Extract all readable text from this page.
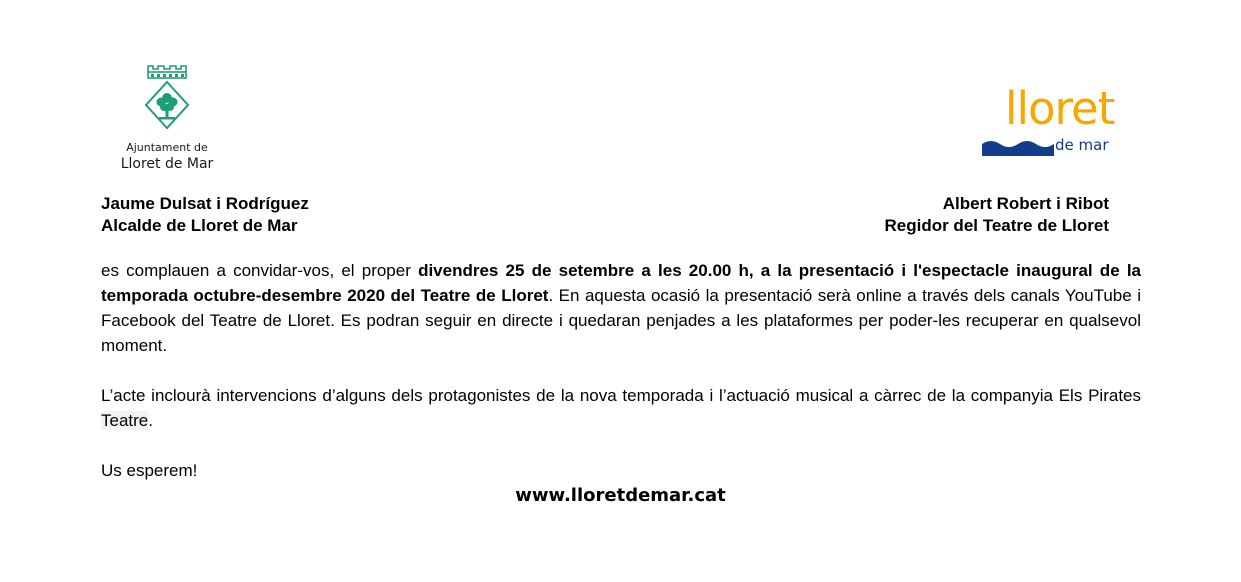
Ajuntament de
Lloret de Mar
lloret
de mar
Jaume Dulsat i Rodríguez
Alcalde de Lloret de Mar
Albert Robert i Ribot
Regidor del Teatre de Lloret

es complauen a convidar-vos, el proper divendres 25 de setembre a les 20.00 h, a la presentació i l'espectacle inaugural de la temporada octubre-desembre 2020 del Teatre de Lloret. En aquesta ocasió la presentació serà online a través dels canals YouTube i Facebook del Teatre de Lloret. Es podran seguir en directe i quedaran penjades a les plataformes per poder-les recuperar en qualsevol moment.

L’acte inclourà intervencions d’alguns dels protagonistes de la nova temporada i l’actuació musical a càrrec de la companyia Els Pirates Teatre.

Us esperem!

www.lloretdemar.cat
